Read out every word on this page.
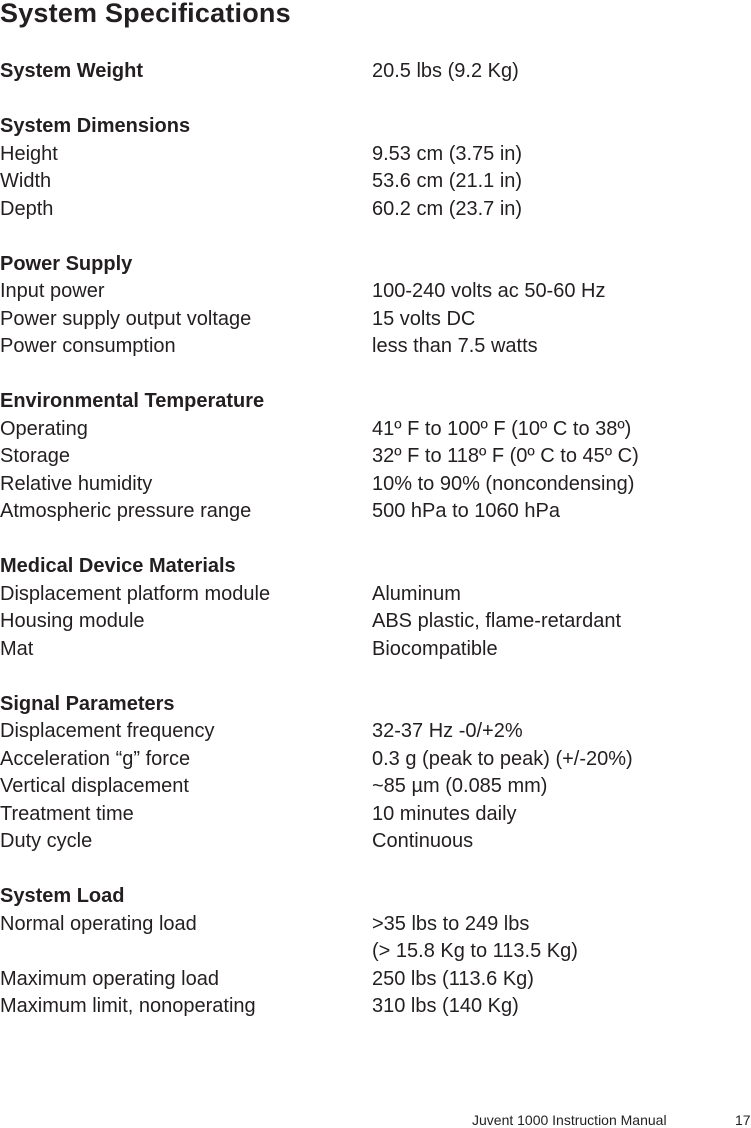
System Specifications
System Weight	20.5 lbs (9.2 Kg)
System Dimensions
Height	9.53 cm (3.75 in)
Width	53.6 cm (21.1 in)
Depth	60.2 cm (23.7 in)
Power Supply
Input power	100-240 volts ac 50-60 Hz
Power supply output voltage	15 volts DC
Power consumption	less than 7.5 watts
Environmental Temperature
Operating	41º F to 100º F (10º C to 38º)
Storage	32º F to 118º F (0º C to 45º C)
Relative humidity	10% to 90% (noncondensing)
Atmospheric pressure range	500 hPa to 1060 hPa
Medical Device Materials
Displacement platform module	Aluminum
Housing module	ABS plastic, flame-retardant
Mat	Biocompatible
Signal Parameters
Displacement frequency	32-37 Hz -0/+2%
Acceleration “g” force	0.3 g (peak to peak) (+/-20%)
Vertical displacement	~85 µm (0.085 mm)
Treatment time	10 minutes daily
Duty cycle	Continuous
System Load
Normal operating load	>35 lbs to 249 lbs
(> 15.8 Kg to 113.5 Kg)
Maximum operating load	250 lbs (113.6 Kg)
Maximum limit, nonoperating	310 lbs (140 Kg)
Juvent 1000 Instruction Manual	17
